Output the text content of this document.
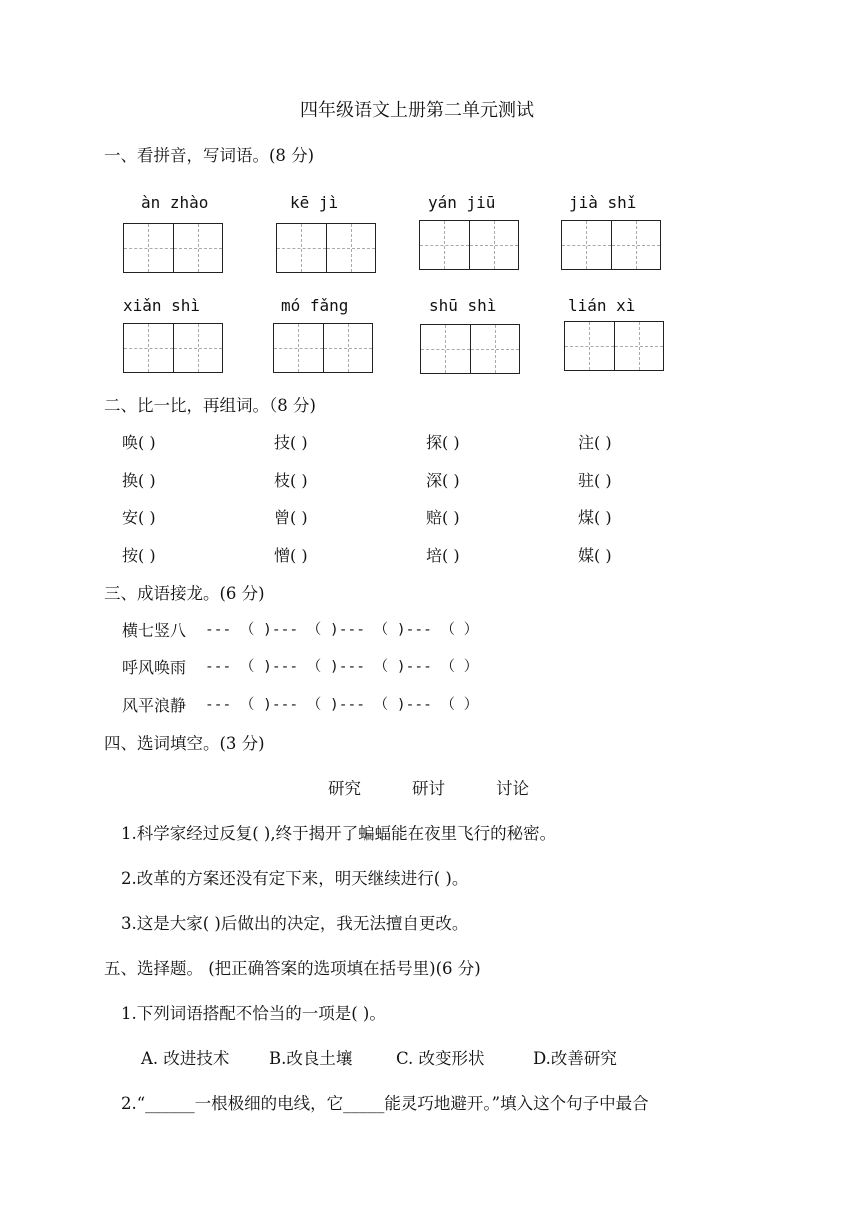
四年级语文上册第二单元测试
一、看拼音，写词语。(8 分)
àn zhào	kē jì	yán jiū	jià shǐ
xiǎn shì	mó fǎng	shū shì	lián xì
二、比一比，再组词。（8 分)
唤( )	技( )	探( )	注( )
换( )	枝( )	深( )	驻( )
安( )	曾( )	赔( )	煤( )
按( )	憎( )	培( )	媒( )
三、成语接龙。(6 分)
横七竖八 --- （ )--- （ )--- （ )--- （ ）
呼风唤雨 --- （ )--- （ )--- （ )--- （ ）
风平浪静 --- （ )--- （ )--- （ )--- （ ）
四、选词填空。(3 分)
研究	研讨	讨论
1.科学家经过反复( ),终于揭开了蝙蝠能在夜里飞行的秘密。
2.改革的方案还没有定下来，明天继续进行( )。
3.这是大家( )后做出的决定，我无法擅自更改。
五、选择题。 (把正确答案的选项填在括号里)(6 分)
1.下列词语搭配不恰当的一项是( )。
A. 改进技术 B.改良土壤	C. 改变形状	D.改善研究
2.“______一根极细的电线，它_____能灵巧地避开。”填入这个句子中最合
